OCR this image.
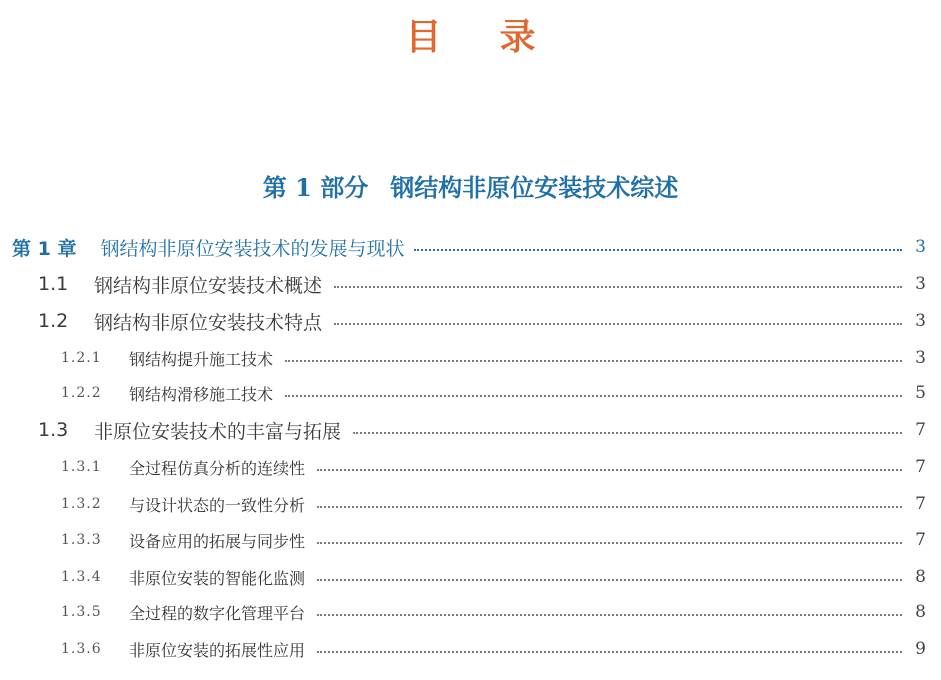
目 录
第 1 部分 钢结构非原位安装技术综述
第 1 章 钢结构非原位安装技术的发展与现状	3
1.1	钢结构非原位安装技术概述	3
1.2	钢结构非原位安装技术特点	3
1.2.1	钢结构提升施工技术	3
1.2.2	钢结构滑移施工技术	5
1.3	非原位安装技术的丰富与拓展	7
1.3.1	全过程仿真分析的连续性	7
1.3.2	与设计状态的一致性分析	7
1.3.3	设备应用的拓展与同步性	7
1.3.4	非原位安装的智能化监测	8
1.3.5	全过程的数字化管理平台	8
1.3.6	非原位安装的拓展性应用	9
